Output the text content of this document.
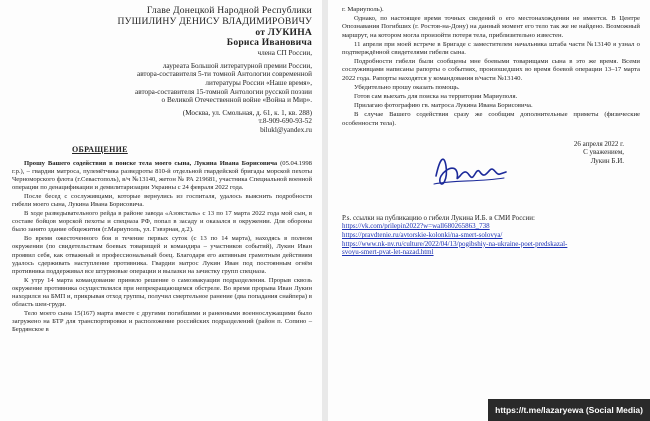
Главе Донецкой Народной Республики
ПУШИЛИНУ ДЕНИСУ ВЛАДИМИРОВИЧУ
от ЛУКИНА
Бориса Ивановича
члена СП России,
лауреата Большой литературной премии России,
автора-составителя 5-ти томной Антологии современной
литературы России «Наше время»,
автора-составителя 15-томной Антологии русской поэзии
о Великой Отечественной войне «Война и Мир».
(Москва, ул. Смольная, д. 61, к. 1, кв. 288)
т.8-909-690-93-52
bilukl@yandex.ru
ОБРАЩЕНИЕ

Прошу Вашего содействия в поиске тела моего сына, Лукина Ивана Борисовича (05.04.1998 г.р.), – гвардии матроса, пулемётчика разведроты 810-й отдельной гвардейской бригады морской пехоты Черноморского флота (г.Севастополь), в/ч №13140, жетон № РА 219681, участника Специальной военной операции по денацификации и демилитаризации Украины с 24 февраля 2022 года.

После бесед с сослуживцами, которые вернулись из госпиталя, удалось выяснить подробности гибели моего сына, Лукина Ивана Борисовича.

В ходе разведывательного рейда в районе завода «Азовсталь» с 13 по 17 марта 2022 года мой сын, в составе бойцов морской пехоты и спецназа РФ, попал в засаду и оказался в окружении. Для обороны было занято здание общежития (г.Мариуполь, ул. Гэвэрная, д.2).

Во время ожесточенного боя в течение первых суток (с 13 по 14 марта), находясь в полном окружении (по свидетельствам боевых товарищей и командира – участников событий), Лукин Иван проявил себя, как отважный и профессиональный боец. Благодаря его активным грамотным действиям удалось сдерживать наступление противника. Гвардии матрос Лукин Иван под постоянным огнём противника поддерживал все штурмовые операции и вылазки на зачистку групп спецназа.

К утру 14 марта командование приняло решение о самоэвакуации подразделения. Прорыв сквозь окружение противника осуществлялся при непрекращающемся обстреле. Во время прорыва Иван Лукин находился на БМП и, прикрывая отход группы, получил смертельное ранение (два попадания снайпера) в область шеи-груди.

Тело моего сына 15(167) марта вместе с другими погибшими и раненными военнослужащими было загружено на БТР для транспортировки и расположение российских подразделений (район п. Сопино – Бердянское в

г. Мариуполь).

Однако, по настоящее время точных сведений о его местонахождении не имеется. В Центре Опознавания Погибших (г. Ростов-на-Дону) на данный момент его тело так же не найдено. Возможный маршрут, на котором могла произойти потеря тела, приблизительно известен.

11 апреля при моей встрече в Бригаде с заместителем начальника штаба части №13140 я узнал о подтверждённой свидетелями гибели сына.

Подробности гибели были сообщены мне боевыми товарищами сына в это же время. Всеми сослуживцами написаны рапорты о событиях, произошедших во время боевой операции 13–17 марта 2022 года. Рапорты находятся у командования в/части №13140.

Убедительно прошу оказать помощь.

Готов сам выехать для поиска на территории Мариуполя.

Прилагаю фотографию гв. матроса Лукина Ивана Борисовича.

В случае Вашего содействия сразу же сообщим дополнительные приметы (физические особенности тела).

26 апреля 2022 г.
С уважением,
Лукин Б.И.
Р.s. ссылки на публикацию о гибели Лукина И.Б. в СМИ России:
https://vk.com/prilepin2022?w=wall680265863_738
https://pravdtenie.ru/avtorskie-kolonki/na-smert-solovya/
https://www.nk-nv.ru/culture/2022/04/13/pogibshiy-na-ukraine-poet-predskazal-
svoyu-smert-pvat-let-nazad.html
https://t.me/lazaryewa (Social Media)
